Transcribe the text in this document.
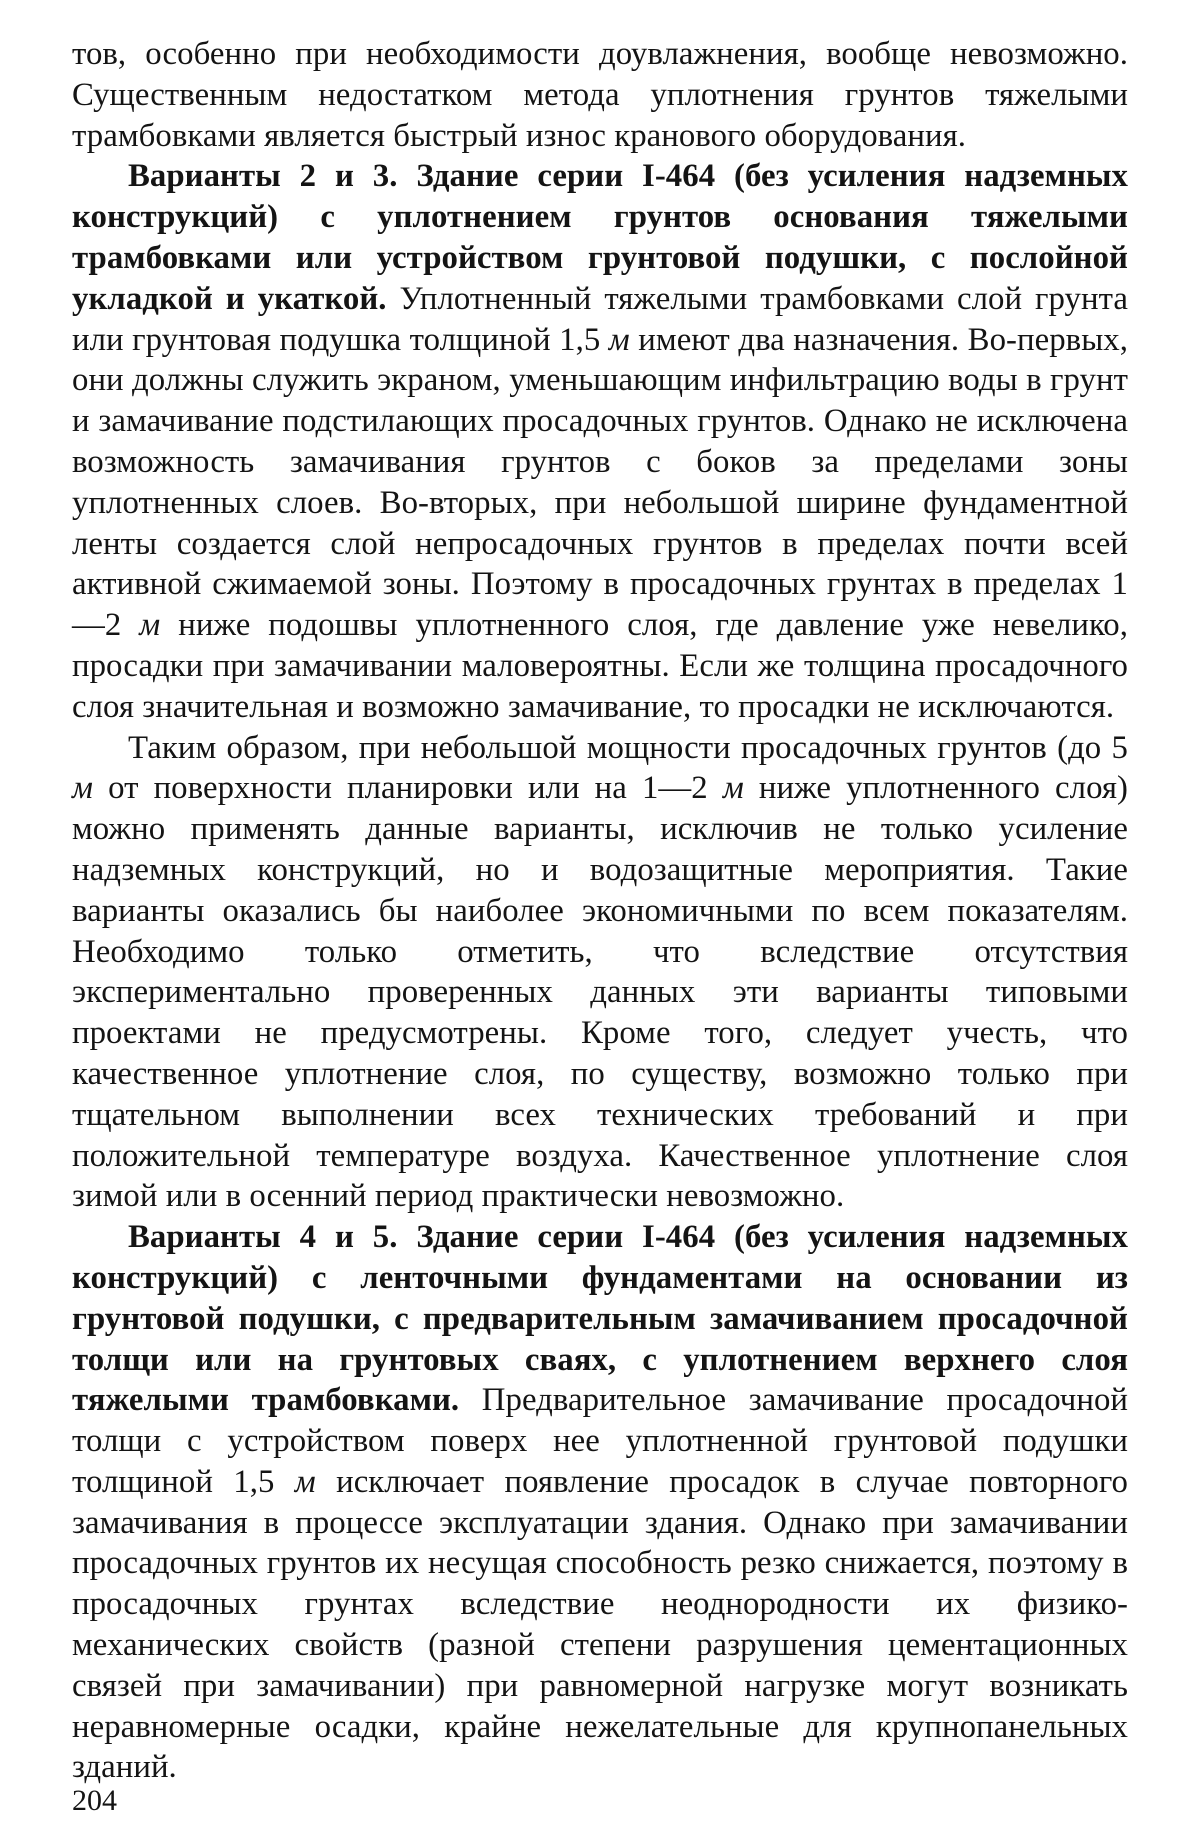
тов, особенно при необходимости доувлажнения, вообще невозможно. Существенным недостатком метода уплотнения грунтов тяжелыми трамбовками является быстрый износ кранового оборудования.

Варианты 2 и 3. Здание серии I-464 (без усиления надземных конструкций) с уплотнением грунтов основания тяжелыми трамбовками или устройством грунтовой подушки, с послойной укладкой и укаткой. Уплотненный тяжелыми трамбовками слой грунта или грунтовая подушка толщиной 1,5 м имеют два назначения. Во-первых, они должны служить экраном, уменьшающим инфильтрацию воды в грунт и замачивание подстилающих просадочных грунтов. Однако не исключена возможность замачивания грунтов с боков за пределами зоны уплотненных слоев. Во-вторых, при небольшой ширине фундаментной ленты создается слой непросадочных грунтов в пределах почти всей активной сжимаемой зоны. Поэтому в просадочных грунтах в пределах 1—2 м ниже подошвы уплотненного слоя, где давление уже невелико, просадки при замачивании маловероятны. Если же толщина просадочного слоя значительная и возможно замачивание, то просадки не исключаются.

Таким образом, при небольшой мощности просадочных грунтов (до 5 м от поверхности планировки или на 1—2 м ниже уплотненного слоя) можно применять данные варианты, исключив не только усиление надземных конструкций, но и водозащитные мероприятия. Такие варианты оказались бы наиболее экономичными по всем показателям. Необходимо только отметить, что вследствие отсутствия экспериментально проверенных данных эти варианты типовыми проектами не предусмотрены. Кроме того, следует учесть, что качественное уплотнение слоя, по существу, возможно только при тщательном выполнении всех технических требований и при положительной температуре воздуха. Качественное уплотнение слоя зимой или в осенний период практически невозможно.

Варианты 4 и 5. Здание серии I-464 (без усиления надземных конструкций) с ленточными фундаментами на основании из грунтовой подушки, с предварительным замачиванием просадочной толщи или на грунтовых сваях, с уплотнением верхнего слоя тяжелыми трамбовками. Предварительное замачивание просадочной толщи с устройством поверх нее уплотненной грунтовой подушки толщиной 1,5 м исключает появление просадок в случае повторного замачивания в процессе эксплуатации здания. Однако при замачивании просадочных грунтов их несущая способность резко снижается, поэтому в просадочных грунтах вследствие неоднородности их физико-механических свойств (разной степени разрушения цементационных связей при замачивании) при равномерной нагрузке могут возникать неравномерные осадки, крайне нежелательные для крупнопанельных зданий.

204
